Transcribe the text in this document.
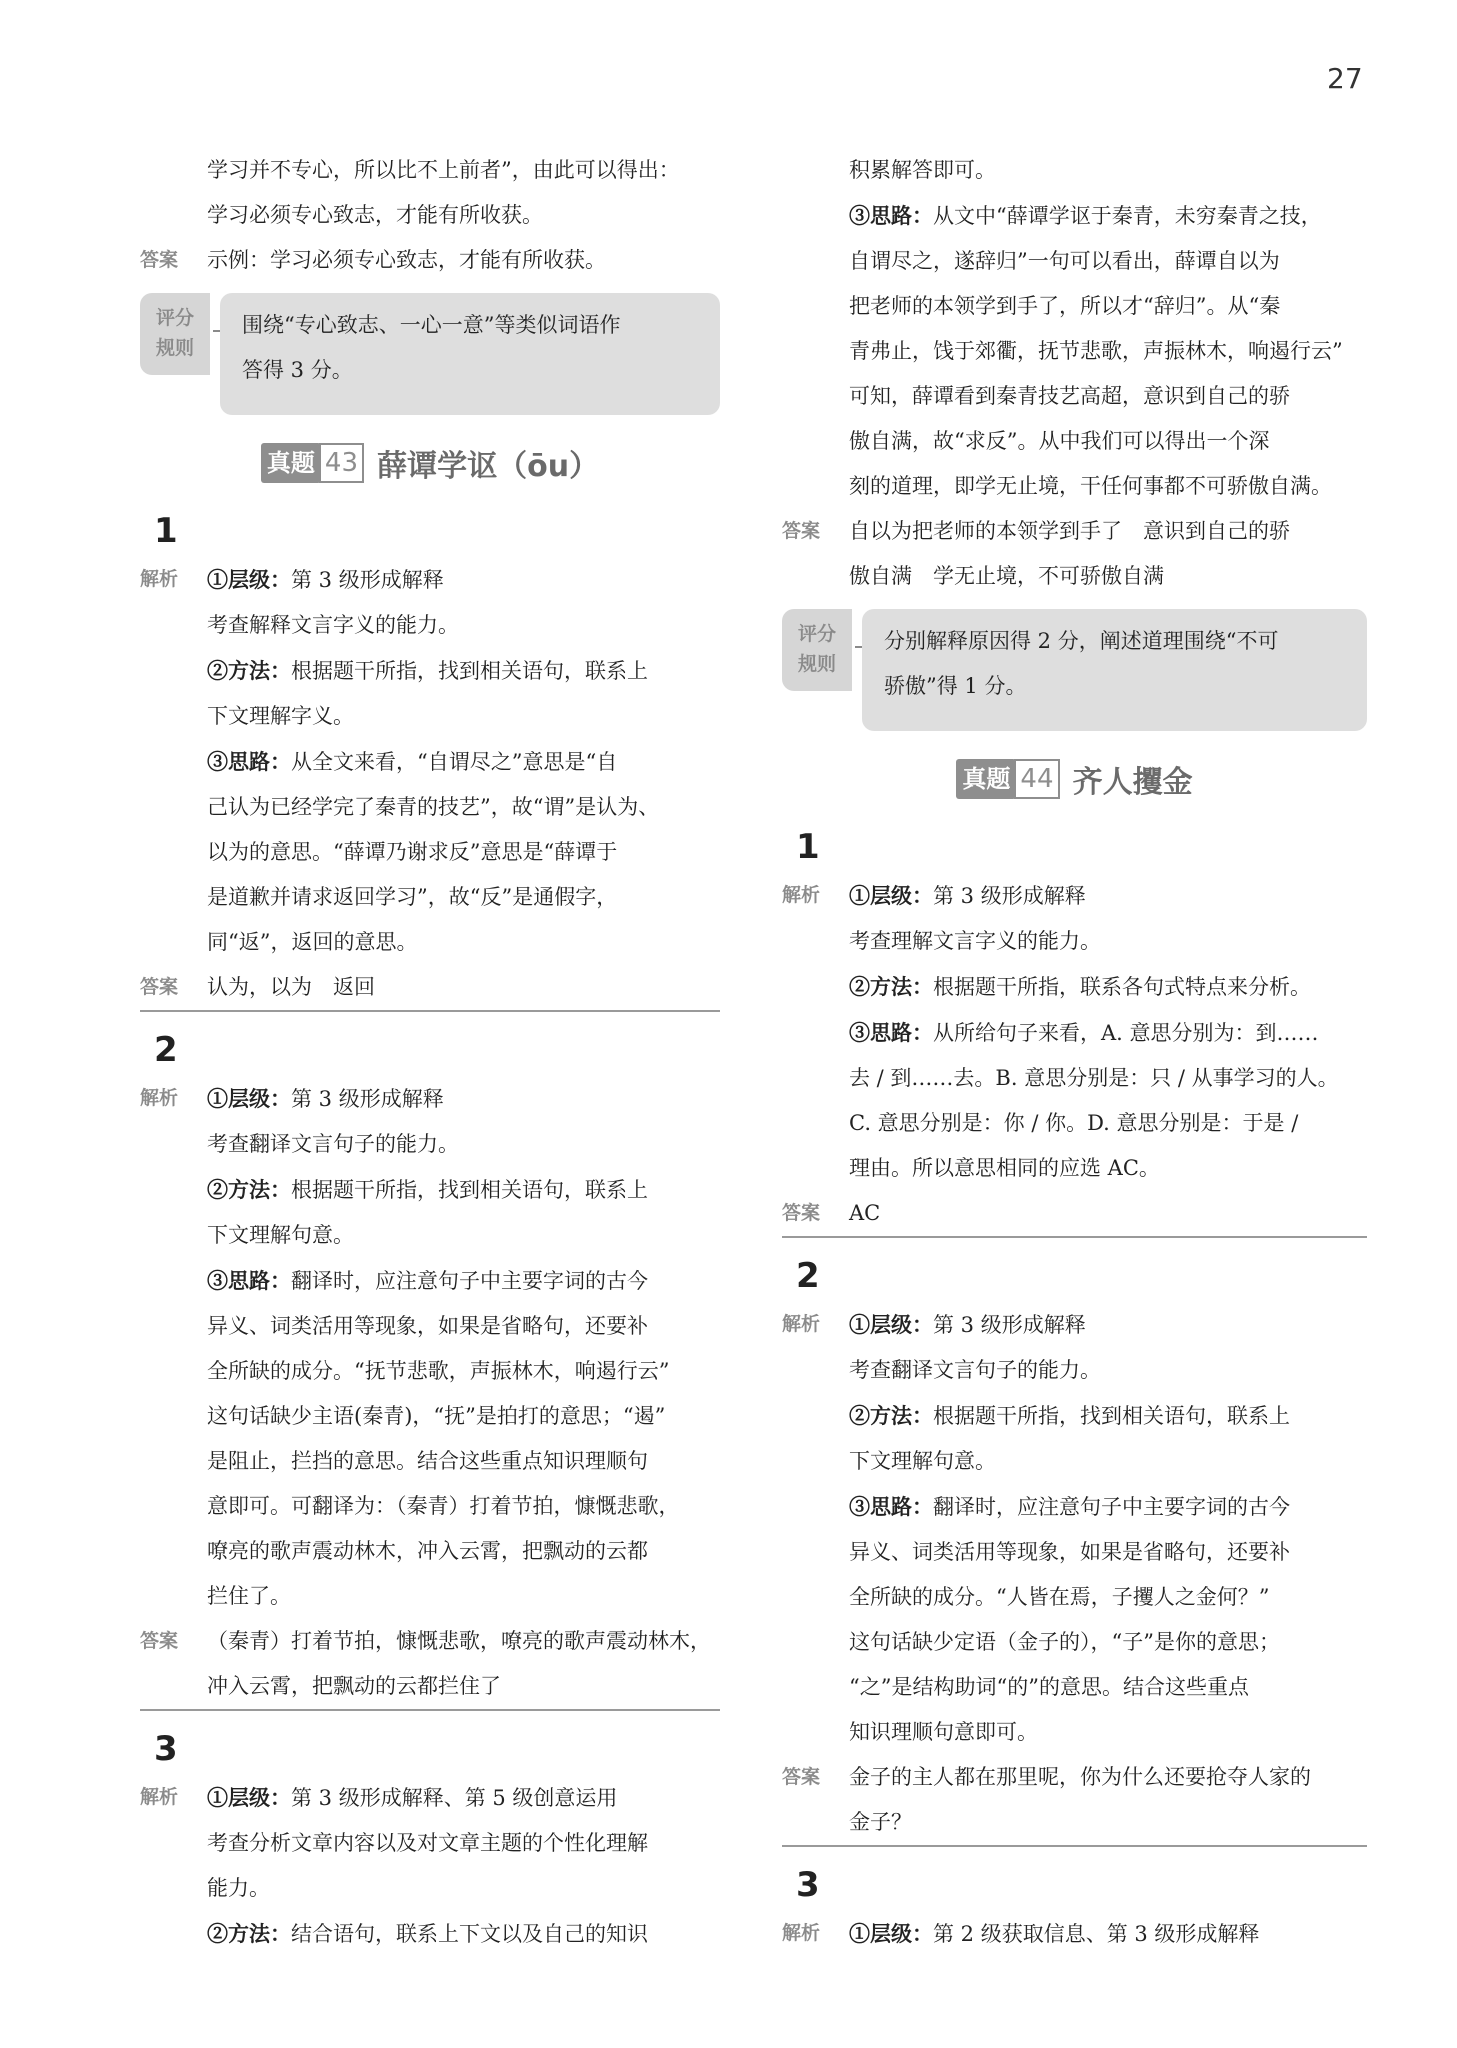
27
学习并不专心，所以比不上前者”，由此可以得出：
学习必须专心致志，才能有所收获。
答案 示例：学习必须专心致志，才能有所收获。
评分
规则
围绕“专心致志、一心一意”等类似词语作
答得 3 分。
真题 43 薛谭学讴（ōu）
1
解析 ①层级：第 3 级形成解释
考查解释文言字义的能力。
②方法：根据题干所指，找到相关语句，联系上
下文理解字义。
③思路：从全文来看，“自谓尽之”意思是“自
己认为已经学完了秦青的技艺”，故“谓”是认为、
以为的意思。“薛谭乃谢求反”意思是“薛谭于
是道歉并请求返回学习”，故“反”是通假字，
同“返”，返回的意思。
答案 认为，以为　返回
2
解析 ①层级：第 3 级形成解释
考查翻译文言句子的能力。
②方法：根据题干所指，找到相关语句，联系上
下文理解句意。
③思路：翻译时，应注意句子中主要字词的古今
异义、词类活用等现象，如果是省略句，还要补
全所缺的成分。“抚节悲歌，声振林木，响遏行云”
这句话缺少主语(秦青)，“抚”是拍打的意思；“遏”
是阻止，拦挡的意思。结合这些重点知识理顺句
意即可。可翻译为：（秦青）打着节拍，慷慨悲歌，
嘹亮的歌声震动林木，冲入云霄，把飘动的云都
拦住了。
答案 （秦青）打着节拍，慷慨悲歌，嘹亮的歌声震动林木，
冲入云霄，把飘动的云都拦住了
3
解析 ①层级：第 3 级形成解释、第 5 级创意运用
考查分析文章内容以及对文章主题的个性化理解
能力。
②方法：结合语句，联系上下文以及自己的知识
积累解答即可。
③思路：从文中“薛谭学讴于秦青，未穷秦青之技，
自谓尽之，遂辞归”一句可以看出，薛谭自以为
把老师的本领学到手了，所以才“辞归”。从“秦
青弗止，饯于郊衢，抚节悲歌，声振林木，响遏行云”
可知，薛谭看到秦青技艺高超，意识到自己的骄
傲自满，故“求反”。从中我们可以得出一个深
刻的道理，即学无止境，干任何事都不可骄傲自满。
答案 自以为把老师的本领学到手了　意识到自己的骄
傲自满　学无止境，不可骄傲自满
评分
规则
分别解释原因得 2 分，阐述道理围绕“不可
骄傲”得 1 分。
真题 44 齐人攫金
1
解析 ①层级：第 3 级形成解释
考查理解文言字义的能力。
②方法：根据题干所指，联系各句式特点来分析。
③思路：从所给句子来看，A. 意思分别为：到……
去 / 到……去。B. 意思分别是：只 / 从事学习的人。
C. 意思分别是：你 / 你。D. 意思分别是：于是 /
理由。所以意思相同的应选 AC。
答案 AC
2
解析 ①层级：第 3 级形成解释
考查翻译文言句子的能力。
②方法：根据题干所指，找到相关语句，联系上
下文理解句意。
③思路：翻译时，应注意句子中主要字词的古今
异义、词类活用等现象，如果是省略句，还要补
全所缺的成分。“人皆在焉，子攫人之金何？”
这句话缺少定语（金子的），“子”是你的意思；
“之”是结构助词“的”的意思。结合这些重点
知识理顺句意即可。
答案 金子的主人都在那里呢，你为什么还要抢夺人家的
金子？
3
解析 ①层级：第 2 级获取信息、第 3 级形成解释
